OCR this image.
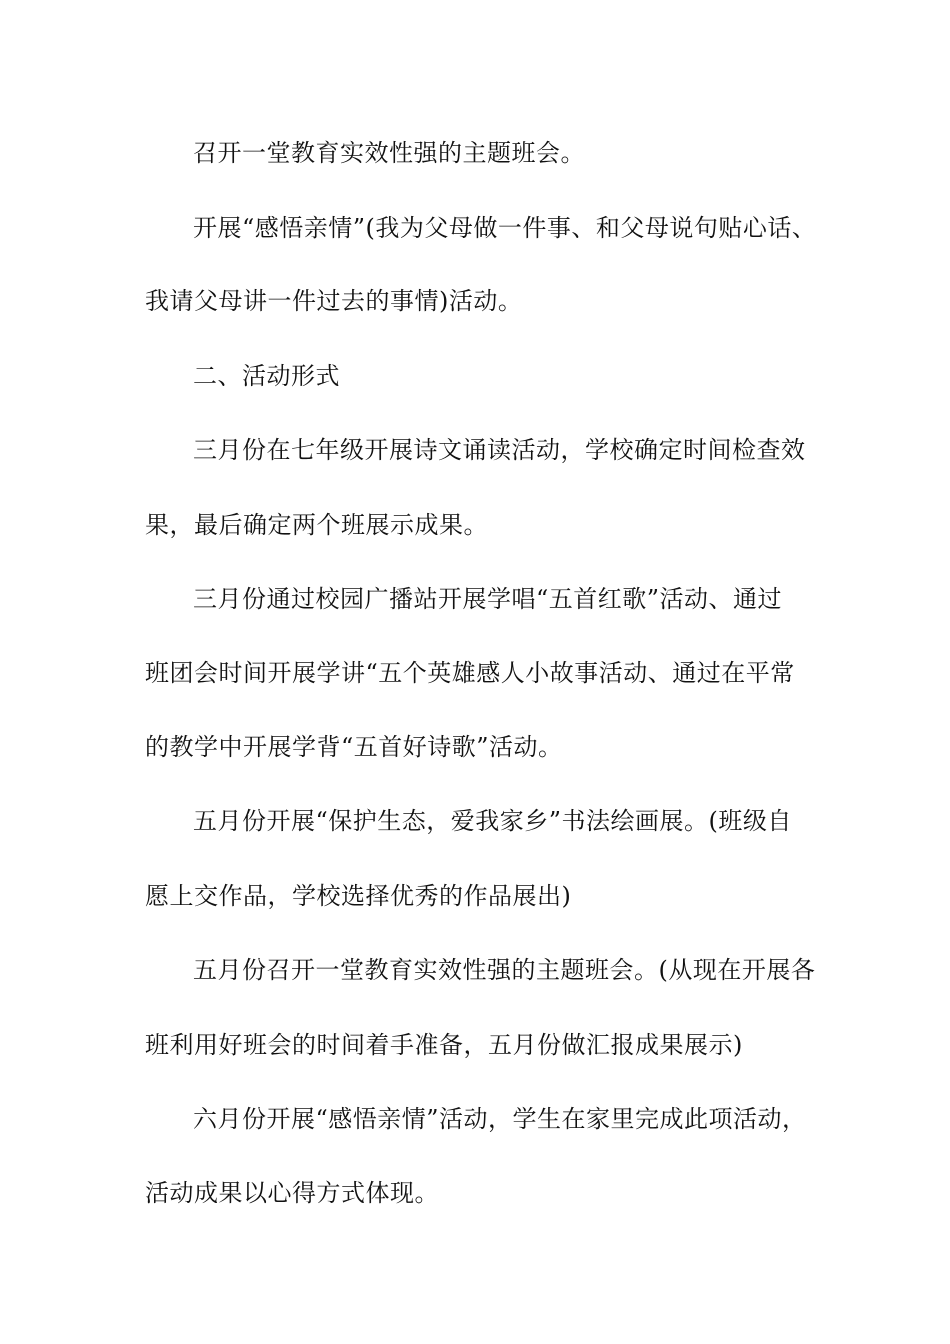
召开一堂教育实效性强的主题班会。
开展“感悟亲情”(我为父母做一件事、和父母说句贴心话、
我请父母讲一件过去的事情)活动。
二、活动形式
三月份在七年级开展诗文诵读活动，学校确定时间检查效
果，最后确定两个班展示成果。
三月份通过校园广播站开展学唱“五首红歌”活动、通过
班团会时间开展学讲“五个英雄感人小故事活动、通过在平常
的教学中开展学背“五首好诗歌”活动。
五月份开展“保护生态，爱我家乡”书法绘画展。(班级自
愿上交作品，学校选择优秀的作品展出)
五月份召开一堂教育实效性强的主题班会。(从现在开展各
班利用好班会的时间着手准备，五月份做汇报成果展示)
六月份开展“感悟亲情”活动，学生在家里完成此项活动，
活动成果以心得方式体现。
